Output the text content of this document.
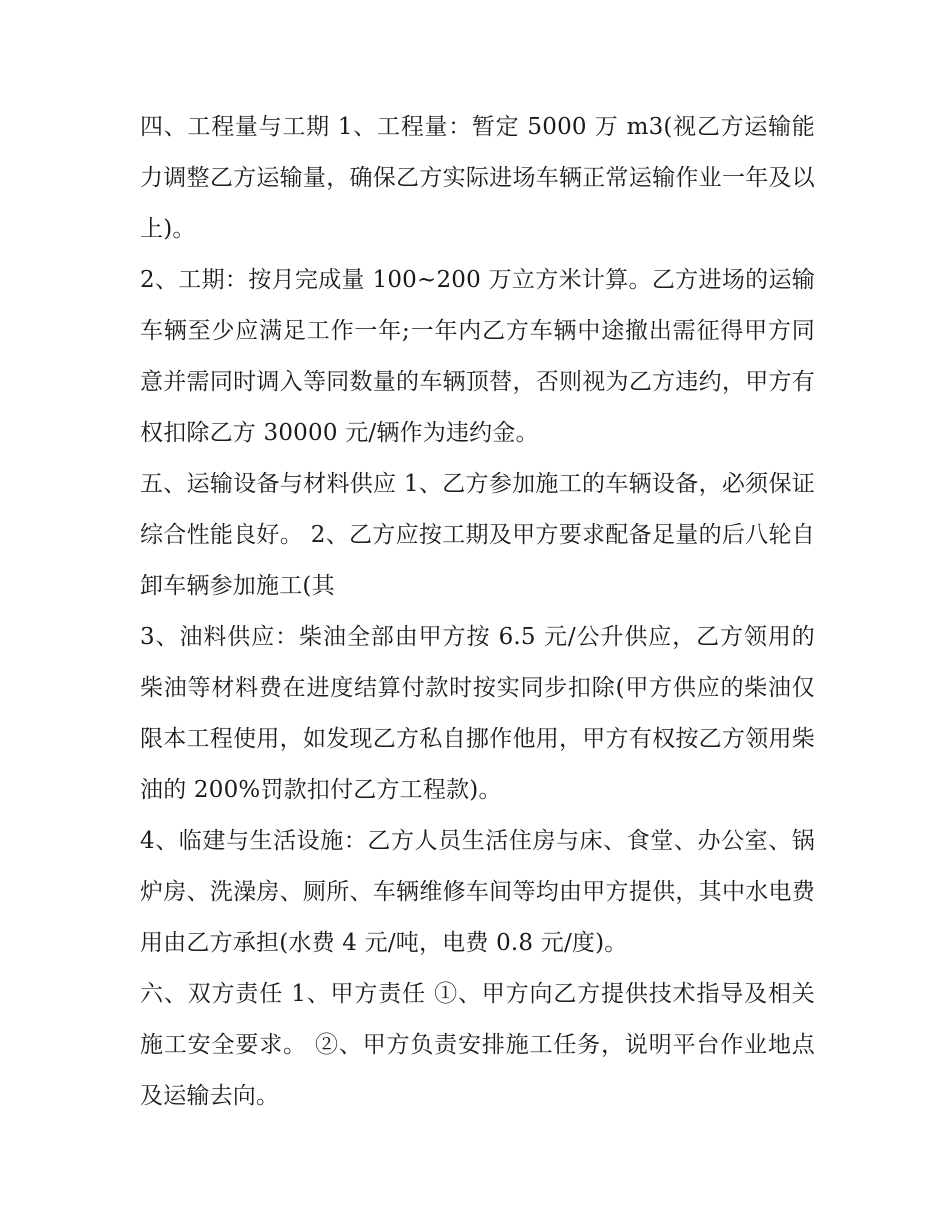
四、工程量与工期 1、工程量：暂定 5000 万 m3(视乙方运输能力调整乙方运输量，确保乙方实际进场车辆正常运输作业一年及以上)。

2、工期：按月完成量 100~200 万立方米计算。乙方进场的运输车辆至少应满足工作一年;一年内乙方车辆中途撤出需征得甲方同意并需同时调入等同数量的车辆顶替，否则视为乙方违约，甲方有权扣除乙方 30000 元/辆作为违约金。

五、运输设备与材料供应 1、乙方参加施工的车辆设备，必须保证综合性能良好。 2、乙方应按工期及甲方要求配备足量的后八轮自卸车辆参加施工(其

3、油料供应：柴油全部由甲方按 6.5 元/公升供应，乙方领用的柴油等材料费在进度结算付款时按实同步扣除(甲方供应的柴油仅限本工程使用，如发现乙方私自挪作他用，甲方有权按乙方领用柴油的 200%罚款扣付乙方工程款)。

4、临建与生活设施：乙方人员生活住房与床、食堂、办公室、锅炉房、洗澡房、厕所、车辆维修车间等均由甲方提供，其中水电费用由乙方承担(水费 4 元/吨，电费 0.8 元/度)。

六、双方责任 1、甲方责任 ①、甲方向乙方提供技术指导及相关施工安全要求。 ②、甲方负责安排施工任务，说明平台作业地点及运输去向。
